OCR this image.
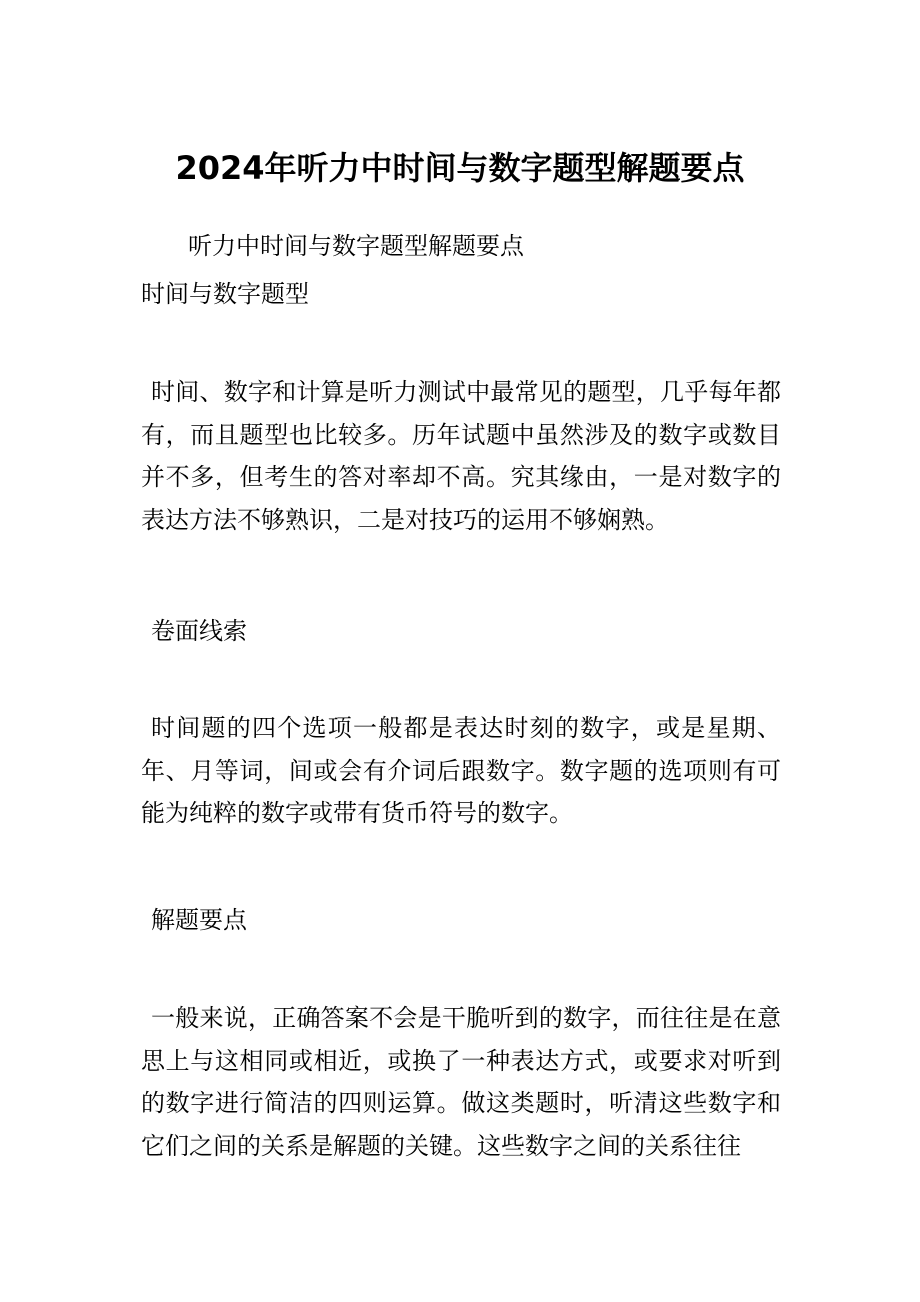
2024年听力中时间与数字题型解题要点

听力中时间与数字题型解题要点

时间与数字题型

时间、数字和计算是听力测试中最常见的题型，几乎每年都有，而且题型也比较多。历年试题中虽然涉及的数字或数目并不多，但考生的答对率却不高。究其缘由，一是对数字的表达方法不够熟识，二是对技巧的运用不够娴熟。

卷面线索

时间题的四个选项一般都是表达时刻的数字，或是星期、年、月等词，间或会有介词后跟数字。数字题的选项则有可能为纯粹的数字或带有货币符号的数字。

解题要点

一般来说，正确答案不会是干脆听到的数字，而往往是在意思上与这相同或相近，或换了一种表达方式，或要求对听到的数字进行简洁的四则运算。做这类题时，听清这些数字和它们之间的关系是解题的关键。这些数字之间的关系往往
